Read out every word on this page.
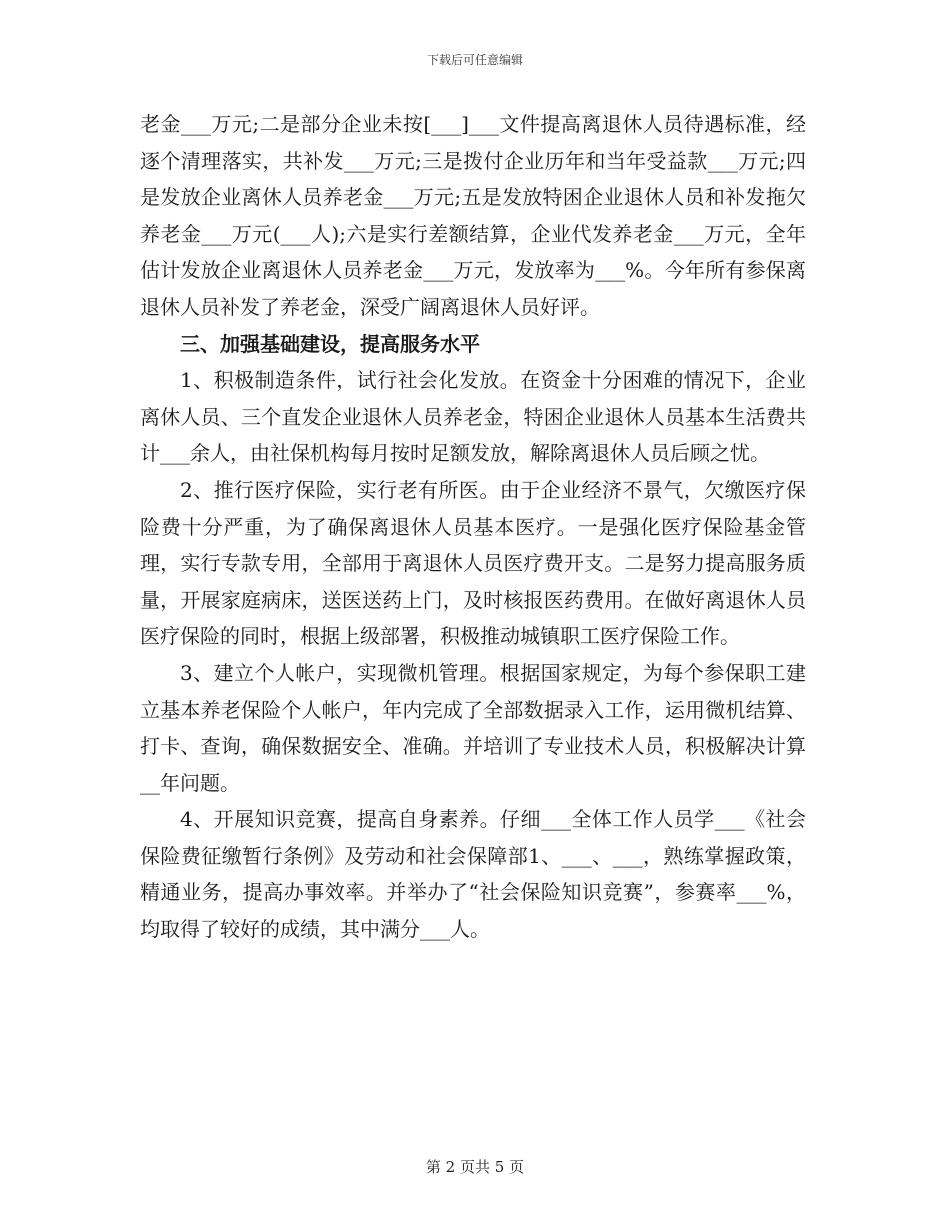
下载后可任意编辑

老金___万元;二是部分企业未按[___]___文件提高离退休人员待遇标准，经逐个清理落实，共补发___万元;三是拨付企业历年和当年受益款___万元;四是发放企业离休人员养老金___万元;五是发放特困企业退休人员和补发拖欠养老金___万元(___人);六是实行差额结算，企业代发养老金___万元，全年估计发放企业离退休人员养老金___万元，发放率为___%。今年所有参保离退休人员补发了养老金，深受广阔离退休人员好评。

三、加强基础建设，提高服务水平

1、积极制造条件，试行社会化发放。在资金十分困难的情况下，企业离休人员、三个直发企业退休人员养老金，特困企业退休人员基本生活费共计___余人，由社保机构每月按时足额发放，解除离退休人员后顾之忧。

2、推行医疗保险，实行老有所医。由于企业经济不景气，欠缴医疗保险费十分严重，为了确保离退休人员基本医疗。一是强化医疗保险基金管理，实行专款专用，全部用于离退休人员医疗费开支。二是努力提高服务质量，开展家庭病床，送医送药上门，及时核报医药费用。在做好离退休人员医疗保险的同时，根据上级部署，积极推动城镇职工医疗保险工作。

3、建立个人帐户，实现微机管理。根据国家规定，为每个参保职工建立基本养老保险个人帐户，年内完成了全部数据录入工作，运用微机结算、打卡、查询，确保数据安全、准确。并培训了专业技术人员，积极解决计算__年问题。

4、开展知识竞赛，提高自身素养。仔细___全体工作人员学___《社会保险费征缴暂行条例》及劳动和社会保障部1、___、___，熟练掌握政策，精通业务，提高办事效率。并举办了“社会保险知识竞赛”，参赛率___%，均取得了较好的成绩，其中满分___人。

第 2 页共 5 页
